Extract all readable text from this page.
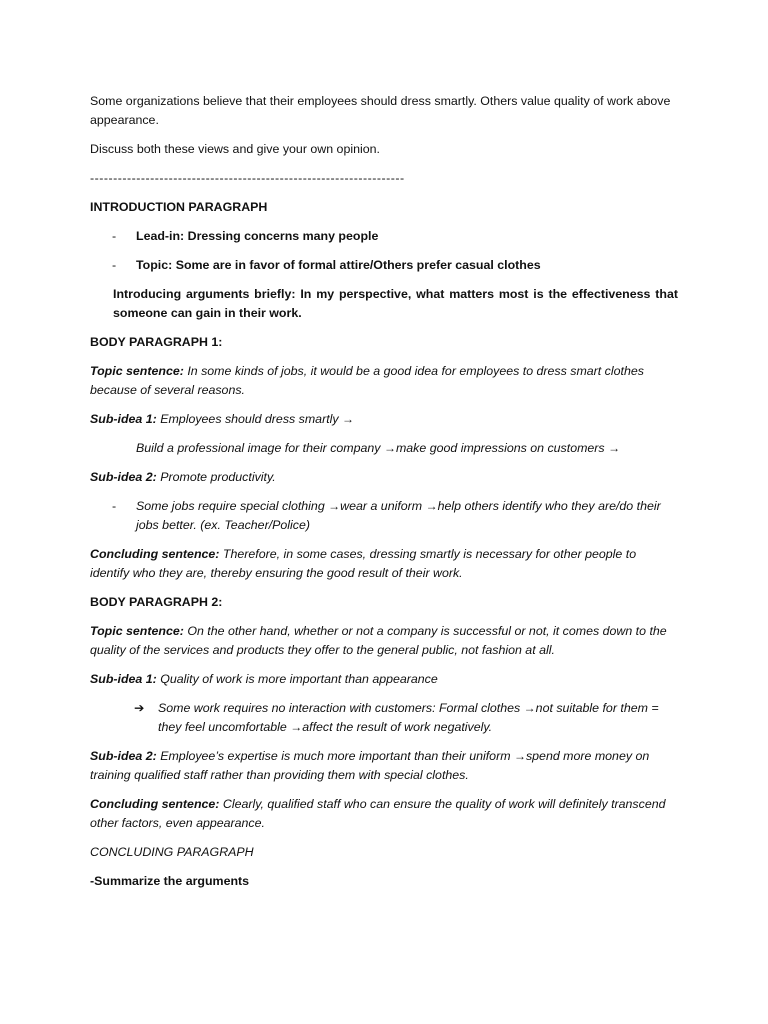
Some organizations believe that their employees should dress smartly. Others value quality of work above appearance.

Discuss both these views and give your own opinion.

--------------------------------------------------------------------

INTRODUCTION PARAGRAPH

- Lead-in: Dressing concerns many people
- Topic: Some are in favor of formal attire/Others prefer casual clothes

Introducing arguments briefly: In my perspective, what matters most is the effectiveness that someone can gain in their work.

BODY PARAGRAPH 1:

Topic sentence: In some kinds of jobs, it would be a good idea for employees to dress smart clothes because of several reasons.

Sub-idea 1: Employees should dress smartly →

Build a professional image for their company →make good impressions on customers →

Sub-idea 2: Promote productivity.

- Some jobs require special clothing →wear a uniform →help others identify who they are/do their jobs better. (ex. Teacher/Police)

Concluding sentence: Therefore, in some cases, dressing smartly is necessary for other people to identify who they are, thereby ensuring the good result of their work.

BODY PARAGRAPH 2:

Topic sentence: On the other hand, whether or not a company is successful or not, it comes down to the quality of the services and products they offer to the general public, not fashion at all.

Sub-idea 1: Quality of work is more important than appearance

➔ Some work requires no interaction with customers: Formal clothes →not suitable for them = they feel uncomfortable →affect the result of work negatively.

Sub-idea 2: Employee’s expertise is much more important than their uniform →spend more money on training qualified staff rather than providing them with special clothes.

Concluding sentence: Clearly, qualified staff who can ensure the quality of work will definitely transcend other factors, even appearance.

CONCLUDING PARAGRAPH

-Summarize the arguments
